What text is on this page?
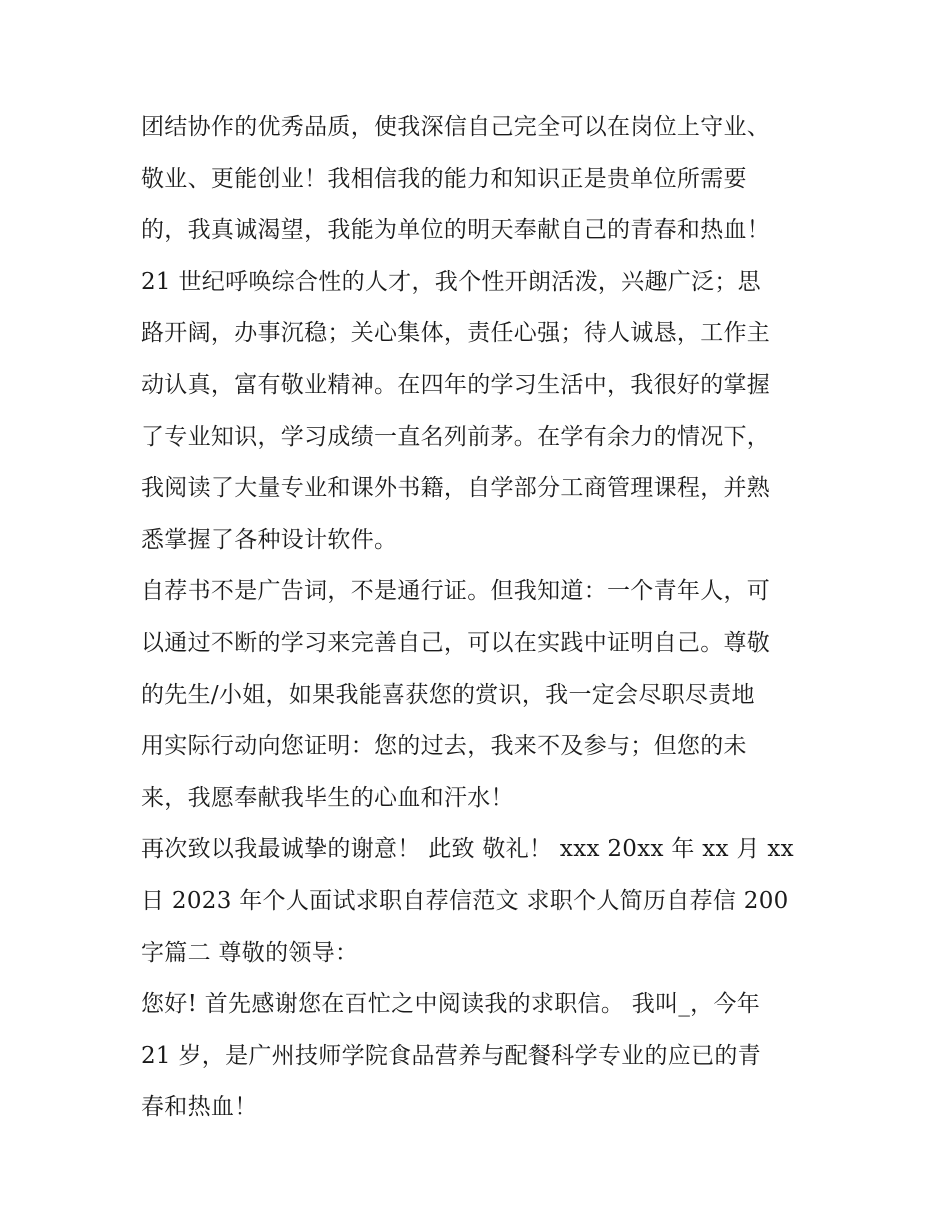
团结协作的优秀品质，使我深信自己完全可以在岗位上守业、
敬业、更能创业！我相信我的能力和知识正是贵单位所需要
的，我真诚渴望，我能为单位的明天奉献自己的青春和热血！
21 世纪呼唤综合性的人才，我个性开朗活泼，兴趣广泛；思
路开阔，办事沉稳；关心集体，责任心强；待人诚恳，工作主
动认真，富有敬业精神。在四年的学习生活中，我很好的掌握
了专业知识，学习成绩一直名列前茅。在学有余力的情况下，
我阅读了大量专业和课外书籍，自学部分工商管理课程，并熟
悉掌握了各种设计软件。
自荐书不是广告词，不是通行证。但我知道：一个青年人，可
以通过不断的学习来完善自己，可以在实践中证明自己。尊敬
的先生/小姐，如果我能喜获您的赏识，我一定会尽职尽责地
用实际行动向您证明：您的过去，我来不及参与；但您的未
来，我愿奉献我毕生的心血和汗水！
再次致以我最诚挚的谢意！ 此致 敬礼！ xxx 20xx 年 xx 月 xx
日 2023 年个人面试求职自荐信范文 求职个人简历自荐信 200
字篇二 尊敬的领导：
您好! 首先感谢您在百忙之中阅读我的求职信。 我叫_，今年
21 岁，是广州技师学院食品营养与配餐科学专业的应已的青
春和热血！
